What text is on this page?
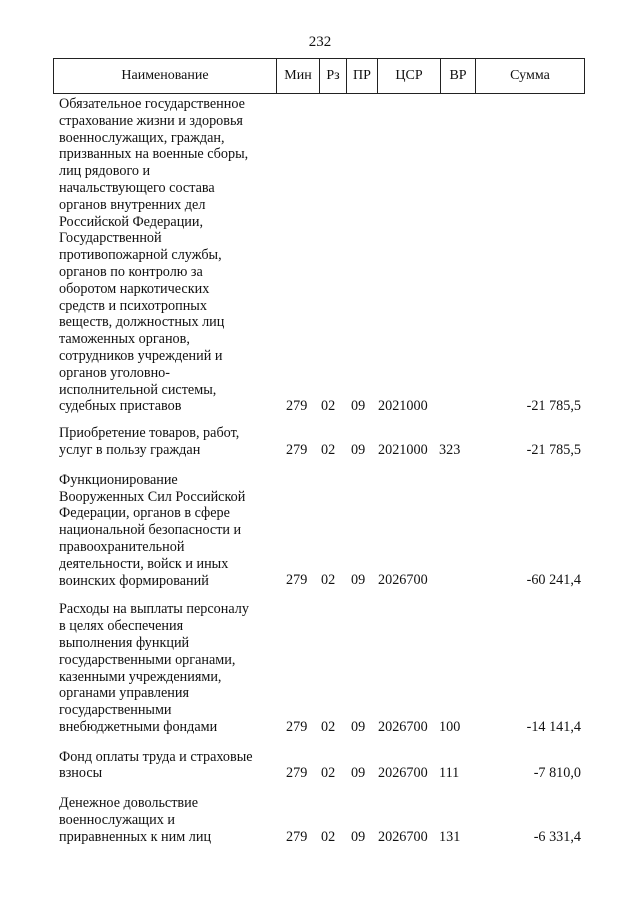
232
Наименование	Мин	Рз	ПР	ЦСР	ВР	Сумма
Обязательное государственное
страхование жизни и здоровья
военнослужащих, граждан,
призванных на военные сборы,
лиц рядового и
начальствующего состава
органов внутренних дел
Российской Федерации,
Государственной
противопожарной службы,
органов по контролю за
оборотом наркотических
средств и психотропных
веществ, должностных лиц
таможенных органов,
сотрудников учреждений и
органов уголовно-
исполнительной системы,
судебных приставов	279 02 09 2021000	-21 785,5
Приобретение товаров, работ,
услуг в пользу граждан	279 02 09 2021000 323	-21 785,5
Функционирование
Вооруженных Сил Российской
Федерации, органов в сфере
национальной безопасности и
правоохранительной
деятельности, войск и иных
воинских формирований	279 02 09 2026700	-60 241,4
Расходы на выплаты персоналу
в целях обеспечения
выполнения функций
государственными органами,
казенными учреждениями,
органами управления
государственными
внебюджетными фондами	279 02 09 2026700 100	-14 141,4
Фонд оплаты труда и страховые
взносы	279 02 09 2026700 111	-7 810,0
Денежное довольствие
военнослужащих и
приравненных к ним лиц	279 02 09 2026700 131	-6 331,4
